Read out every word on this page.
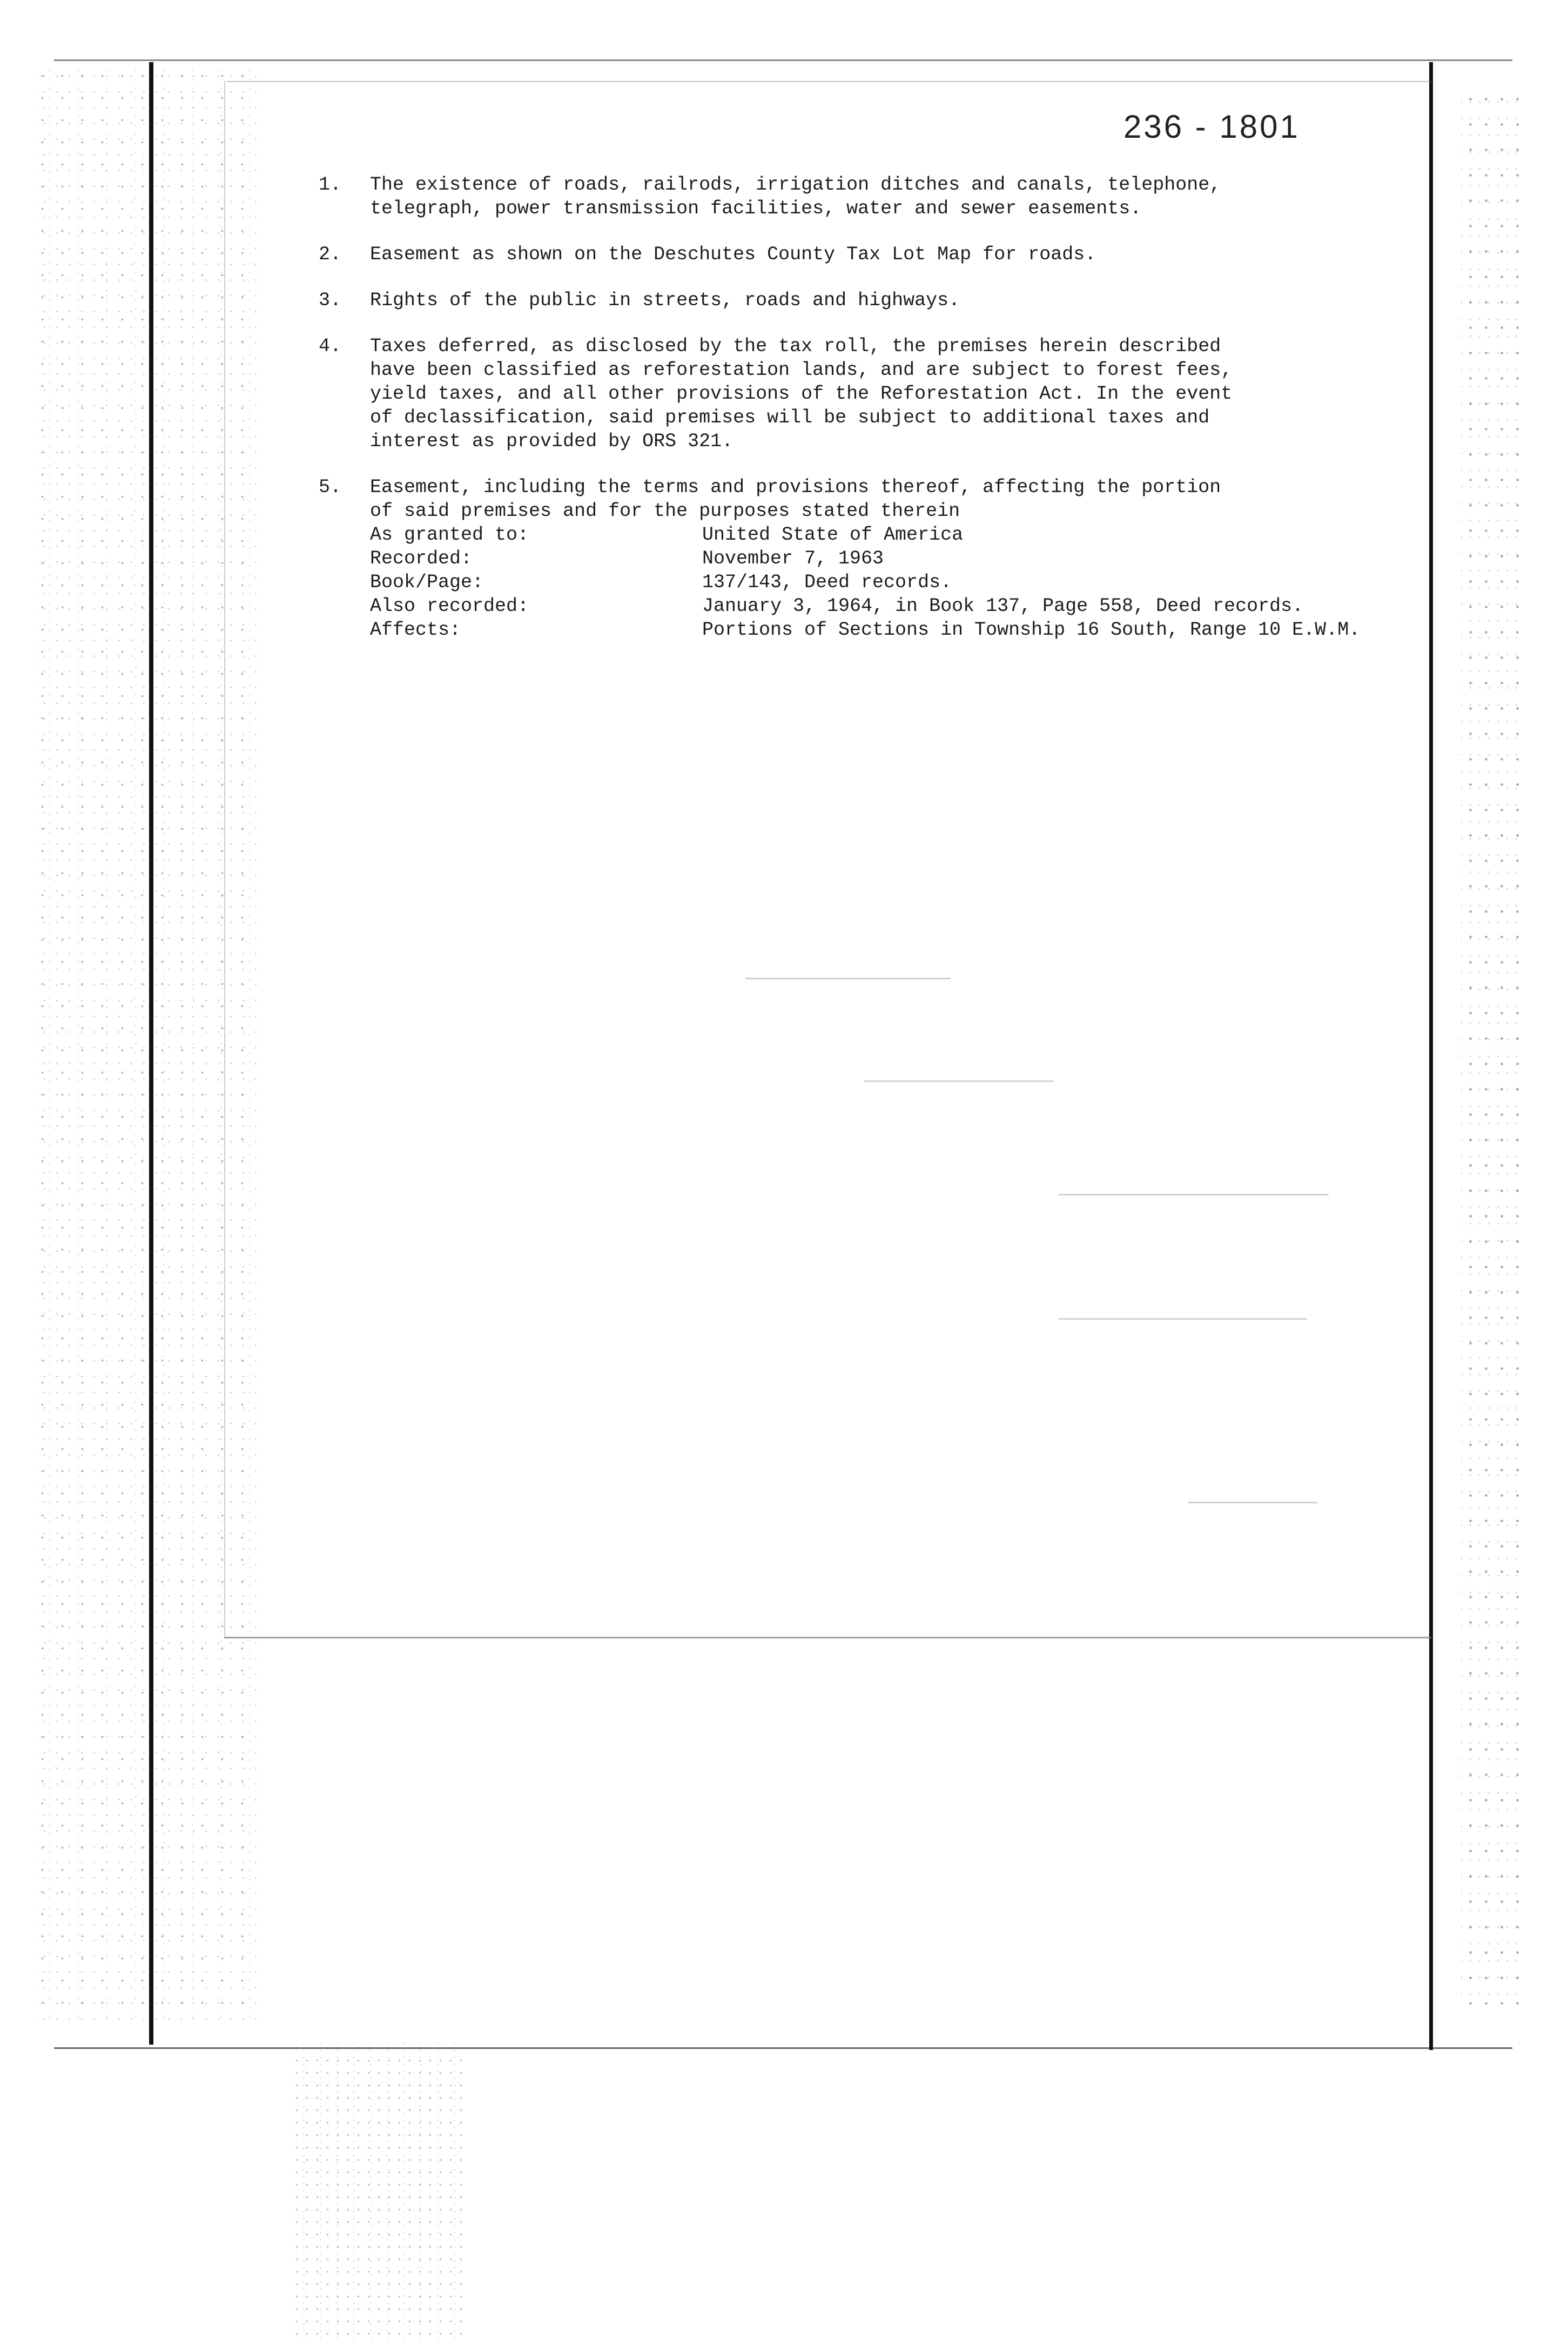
236 - 1801
1. The existence of roads, railrods, irrigation ditches and canals, telephone,
telegraph, power transmission facilities, water and sewer easements.
2. Easement as shown on the Deschutes County Tax Lot Map for roads.
3. Rights of the public in streets, roads and highways.
4. Taxes deferred, as disclosed by the tax roll, the premises herein described
have been classified as reforestation lands, and are subject to forest fees,
yield taxes, and all other provisions of the Reforestation Act. In the event
of declassification, said premises will be subject to additional taxes and
interest as provided by ORS 321.
5. Easement, including the terms and provisions thereof, affecting the portion
of said premises and for the purposes stated therein
As granted to:	United State of America
Recorded:	November 7, 1963
Book/Page:	137/143, Deed records.
Also recorded:	January 3, 1964, in Book 137, Page 558, Deed records.
Affects:	Portions of Sections in Township 16 South, Range 10 E.W.M.
